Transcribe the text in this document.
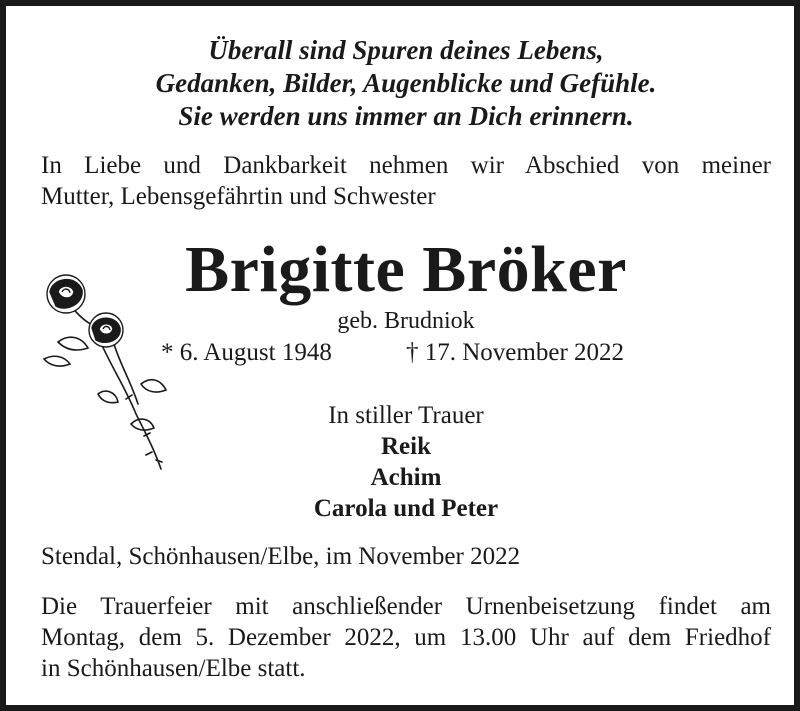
Überall sind Spuren deines Lebens,
Gedanken, Bilder, Augenblicke und Gefühle.
Sie werden uns immer an Dich erinnern.
In Liebe und Dankbarkeit nehmen wir Abschied von meiner
Mutter, Lebensgefährtin und Schwester
Brigitte Bröker
geb. Brudniok
* 6. August 1948	† 17. November 2022
In stiller Trauer
Reik
Achim
Carola und Peter
Stendal, Schönhausen/Elbe, im November 2022
Die Trauerfeier mit anschließender Urnenbeisetzung findet am
Montag, dem 5. Dezember 2022, um 13.00 Uhr auf dem Friedhof
in Schönhausen/Elbe statt.
